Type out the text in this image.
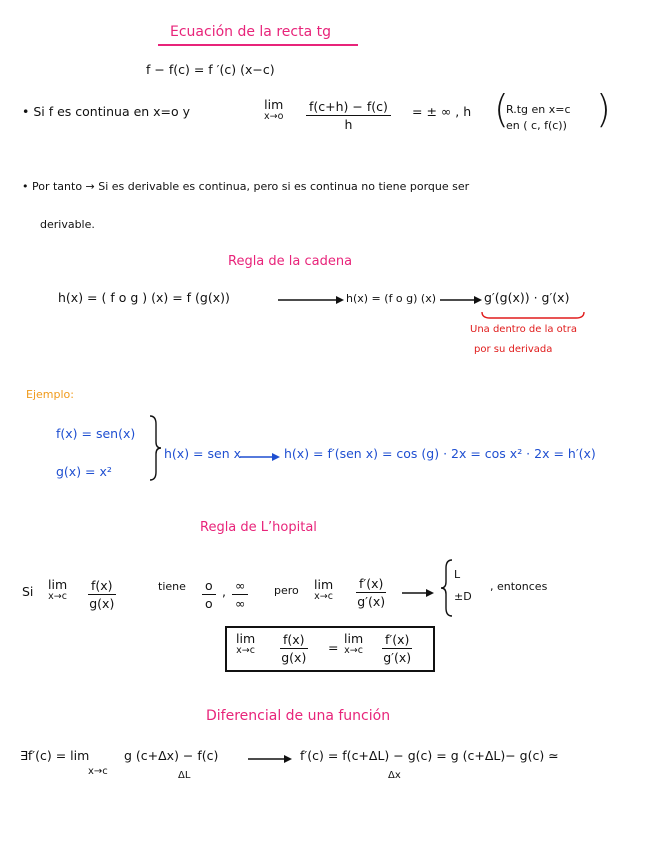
Ecuación de la recta tg
f − f(c) = f ′(c) (x−c)
• Si f es continua en x=o y	lim
$x\to o \frac{f(c+h) - f(c)}{h}$ = ± ∞ , h (
R.tg en x=c
en ( c, f(c)) )
• Por tanto → Si es derivable es continua, pero si es continua no tiene porque ser
derivable.
Regla de la cadena
h(x) = ( f o g ) (x) = f (g(x))	h(x) = (f o g) (x)	g′(g(x)) · g′(x)
Una dentro de la otra
por su derivada
Ejemplo:
f(x) = sen(x)
g(x) = x²
h(x) = sen x	h(x) = f′(sen x) = cos (g) · 2x = cos x² · 2x = h′(x)
Regla de L’hopital
Si lim
$x\to c \frac{f(x)}{g(x)}$	tiene $\frac{o}{o}$ , $\frac{\infty}{\infty}$ pero lim
$x\to c \frac{f'(x)}{g'(x)}$
L
±D
, entonces
lim
$x\to c \frac{f(x)}{g(x)}$ =
lim
$x\to c \frac{f'(x)}{g'(x)}$
Diferencial de una función
∃f′(c) = lim
x→c
g (c+Δx) − f(c)
ΔL
f′(c) = f(c+ΔL) − g(c) = g (c+ΔL)− g(c) ≃
Δx
